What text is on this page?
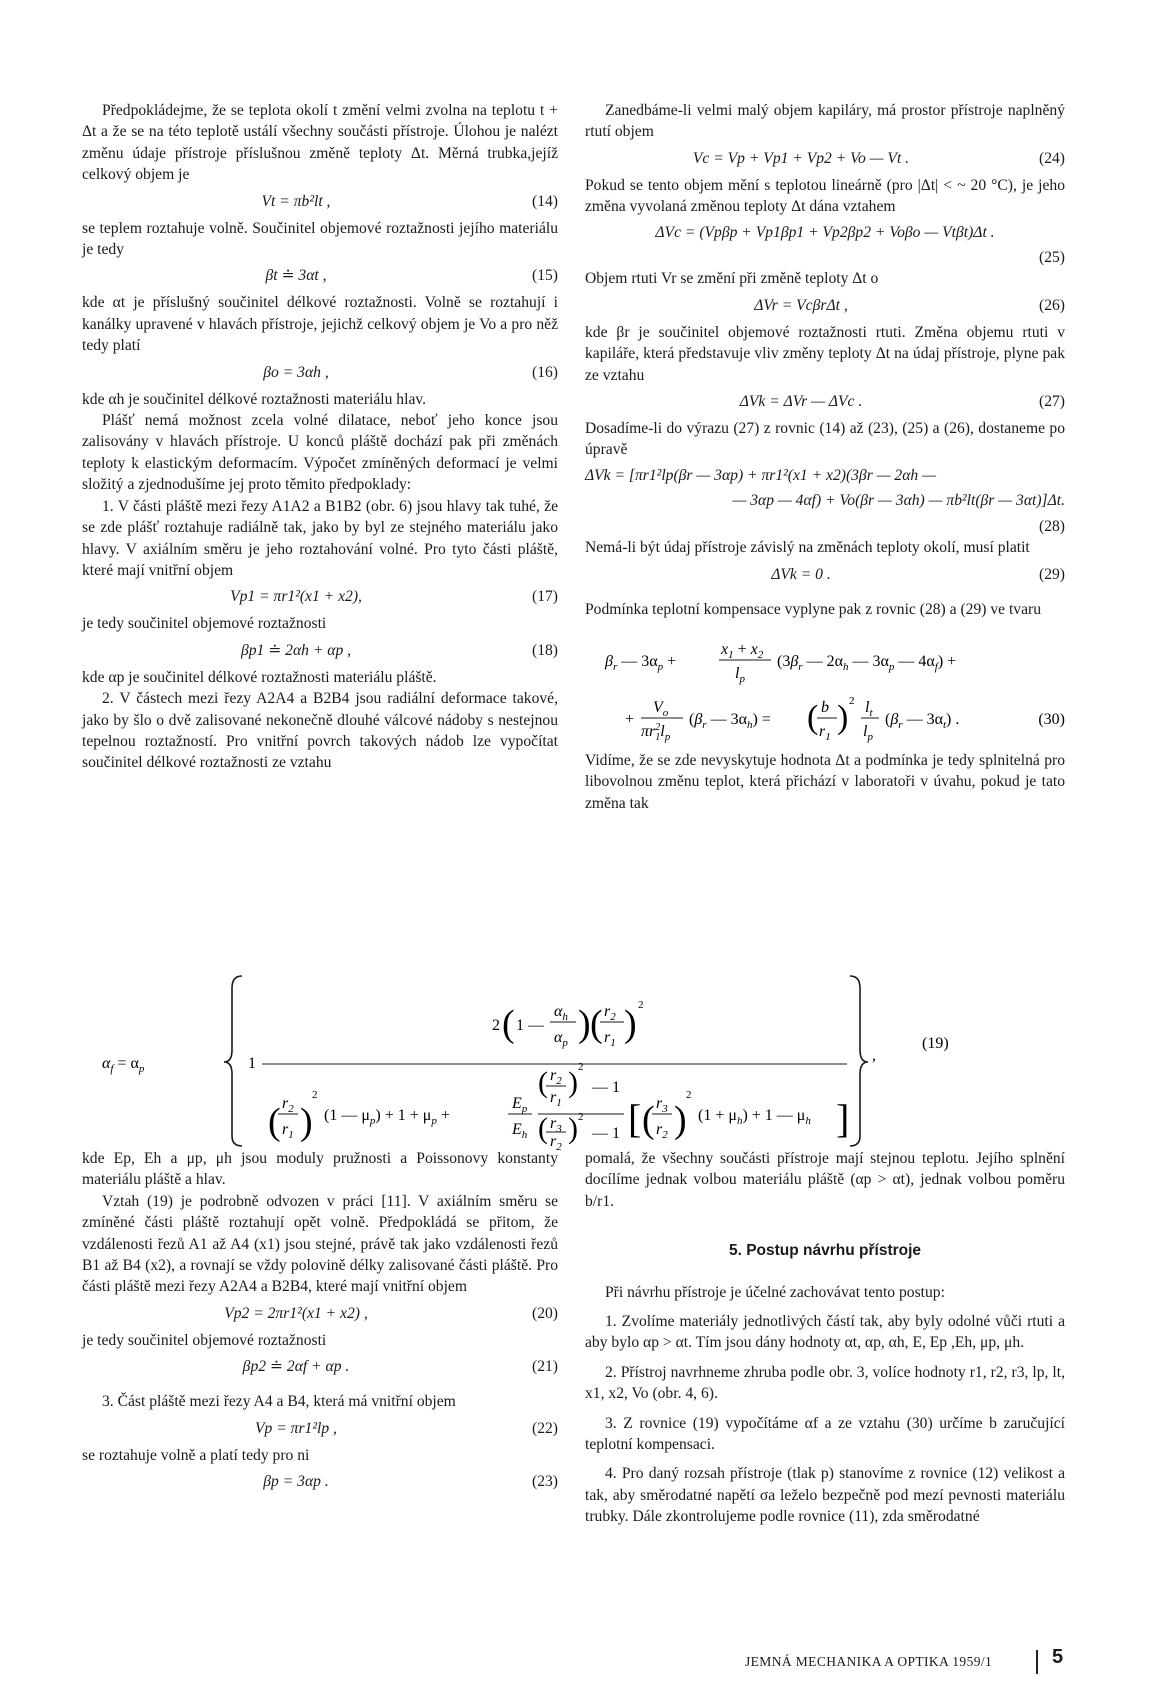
Předpokládejme, že se teplota okolí t změní velmi zvolna na teplotu t + Δt a že se na této teplotě ustálí všechny součásti přístroje. Úlohou je nalézt změnu údaje přístroje příslušnou změně teploty Δt. Měrná trubka,jejíž celkový objem je

Vt = πb²lt ,	(14)

se teplem roztahuje volně. Součinitel objemové roztažnosti jejího materiálu je tedy

βt ≐ 3αt ,	(15)

kde αt je příslušný součinitel délkové roztažnosti. Volně se roztahují i kanálky upravené v hlavách přístroje, jejichž celkový objem je Vo a pro něž tedy platí

βo = 3αh ,	(16)

kde αh je součinitel délkové roztažnosti materiálu hlav.

Plášť nemá možnost zcela volné dilatace, neboť jeho konce jsou zalisovány v hlavách přístroje. U konců pláště dochází pak při změnách teploty k elastickým deformacím. Výpočet zmíněných deformací je velmi složitý a zjednodušíme jej proto těmito předpoklady:

1. V části pláště mezi řezy A1A2 a B1B2 (obr. 6) jsou hlavy tak tuhé, že se zde plášť roztahuje radiálně tak, jako by byl ze stejného materiálu jako hlavy. V axiálním směru je jeho roztahování volné. Pro tyto části pláště, které mají vnitřní objem

Vp1 = πr1²(x1 + x2),	(17)

je tedy součinitel objemové roztažnosti

βp1 ≐ 2αh + αp ,	(18)

kde αp je součinitel délkové roztažnosti materiálu pláště.

2. V částech mezi řezy A2A4 a B2B4 jsou radiální deformace takové, jako by šlo o dvě zalisované nekonečně dlouhé válcové nádoby s nestejnou tepelnou roztažností. Pro vnitřní povrch takových nádob lze vypočítat součinitel délkové roztažnosti ze vztahu

Zanedbáme-li velmi malý objem kapiláry, má prostor přístroje naplněný rtutí objem

Vc = Vp + Vp1 + Vp2 + Vo — Vt .	(24)

Pokud se tento objem mění s teplotou lineárně (pro |Δt| < ~ 20 °C), je jeho změna vyvolaná změnou teploty Δt dána vztahem

ΔVc = (Vpβp + Vp1βp1 + Vp2βp2 + Voβo — Vtβt)Δt .
(25)

Objem rtuti Vr se změní při změně teploty Δt o

ΔVr = VcβrΔt ,	(26)

kde βr je součinitel objemové roztažnosti rtuti. Změna objemu rtuti v kapiláře, která představuje vliv změny teploty Δt na údaj přístroje, plyne pak ze vztahu

ΔVk = ΔVr — ΔVc .	(27)

Dosadíme-li do výrazu (27) z rovnic (14) až (23), (25) a (26), dostaneme po úpravě

ΔVk = [πr1²lp(βr — 3αp) + πr1²(x1 + x2)(3βr — 2αh —
— 3αp — 4αf) + Vo(βr — 3αh) — πb²lt(βr — 3αt)]Δt.
(28)

Nemá-li být údaj přístroje závislý na změnách teploty okolí, musí platit

ΔVk = 0 .	(29)

Podmínka teplotní kompensace vyplyne pak z rovnic (28) a (29) ve tvaru

$\beta_r$ — $3\alpha_p$ +
$x_1 + x_2$
$l_p$
($3\beta_r$ — $2\alpha_h$ — $3\alpha_p$ — $4\alpha_f$) +
+
$V_o$
$\pi r^2$ $1l_p$
($\beta_r$ — $3\alpha_h$) = ( b
$r_1$
) 2 $l_t$
$l_p$
($\beta_r$ — $3\alpha_t$) .	(30)

Vidíme, že se zde nevyskytuje hodnota Δt a podmínka je tedy splnitelná pro libovolnou změnu teplot, která přichází v laboratoři v úvahu, pokud je tato změna tak

$\alpha_f = \alpha_p$	1
2 ( 1 —
$\alpha_h$
$\alpha_p$ ) ( $r_2$
$r_1$ ) 2
( $r_2$
$r_1$ )
2
(1 — $\mu_p) + 1 + \mu_p$ +
$E_p$
$E_h$
( $r_2$
$r_1$
) 2
— 1
( $r_3$
$r_2$
) 2
— 1 [ ( $r_3$
$r_2$ )
2
$(1 + \mu_h) + 1$ — $\mu_h$ ]
,
(19)

kde Ep, Eh a μp, μh jsou moduly pružnosti a Poissonovy konstanty materiálu pláště a hlav.

Vztah (19) je podrobně odvozen v práci [11]. V axiálním směru se zmíněné části pláště roztahují opět volně. Předpokládá se přitom, že vzdálenosti řezů A1 až A4 (x1) jsou stejné, právě tak jako vzdálenosti řezů B1 až B4 (x2), a rovnají se vždy polovině délky zalisované části pláště. Pro části pláště mezi řezy A2A4 a B2B4, které mají vnitřní objem

Vp2 = 2πr1²(x1 + x2) ,	(20)

je tedy součinitel objemové roztažnosti

βp2 ≐ 2αf + αp .	(21)

3. Část pláště mezi řezy A4 a B4, která má vnitřní objem

Vp = πr1²lp ,	(22)

se roztahuje volně a platí tedy pro ni

βp = 3αp .	(23)

pomalá, že všechny součásti přístroje mají stejnou teplotu. Jejího splnění docílíme jednak volbou materiálu pláště (αp > αt), jednak volbou poměru b/r1.

5. Postup návrhu přístroje

Při návrhu přístroje je účelné zachovávat tento postup:

1. Zvolíme materiály jednotlivých částí tak, aby byly odolné vůči rtuti a aby bylo αp > αt. Tím jsou dány hodnoty αt, αp, αh, E, Ep ,Eh, μp, μh.

2. Přístroj navrhneme zhruba podle obr. 3, volíce hodnoty r1, r2, r3, lp, lt, x1, x2, Vo (obr. 4, 6).

3. Z rovnice (19) vypočítáme αf a ze vztahu (30) určíme b zaručující teplotní kompensaci.

4. Pro daný rozsah přístroje (tlak p) stanovíme z rovnice (12) velikost a tak, aby směrodatné napětí σa leželo bezpečně pod mezí pevnosti materiálu trubky. Dále zkontrolujeme podle rovnice (11), zda směrodatné

JEMNÁ MECHANIKA A OPTIKA 1959/1	5
